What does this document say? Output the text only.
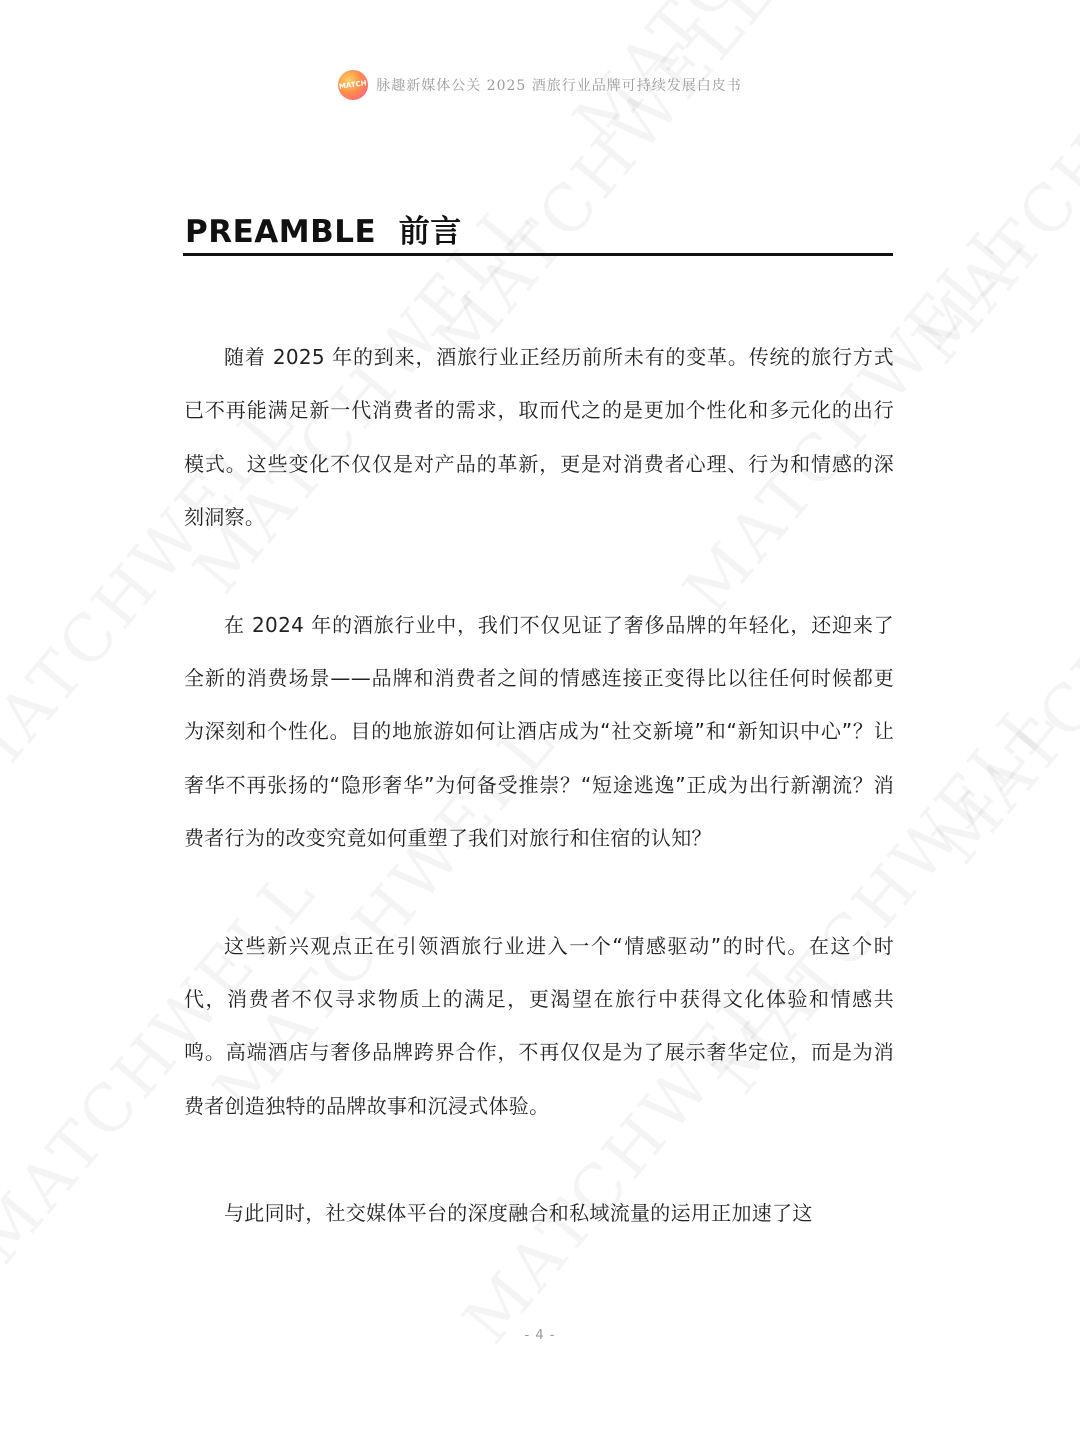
MATCH 脉趣新媒体公关 2025 酒旅行业品牌可持续发展白皮书
PREAMBLE  前言

随着 2025 年的到来，酒旅行业正经历前所未有的变革。传统的旅行方式已不再能满足新一代消费者的需求，取而代之的是更加个性化和多元化的出行模式。这些变化不仅仅是对产品的革新，更是对消费者心理、行为和情感的深刻洞察。

在 2024 年的酒旅行业中，我们不仅见证了奢侈品牌的年轻化，还迎来了全新的消费场景——品牌和消费者之间的情感连接正变得比以往任何时候都更为深刻和个性化。目的地旅游如何让酒店成为“社交新境”和“新知识中心”？让奢华不再张扬的“隐形奢华”为何备受推崇？“短途逃逸”正成为出行新潮流？消费者行为的改变究竟如何重塑了我们对旅行和住宿的认知？

这些新兴观点正在引领酒旅行业进入一个“情感驱动”的时代。在这个时代，消费者不仅寻求物质上的满足，更渴望在旅行中获得文化体验和情感共鸣。高端酒店与奢侈品牌跨界合作，不再仅仅是为了展示奢华定位，而是为消费者创造独特的品牌故事和沉浸式体验。

与此同时，社交媒体平台的深度融合和私域流量的运用正加速了这

- 4 -
